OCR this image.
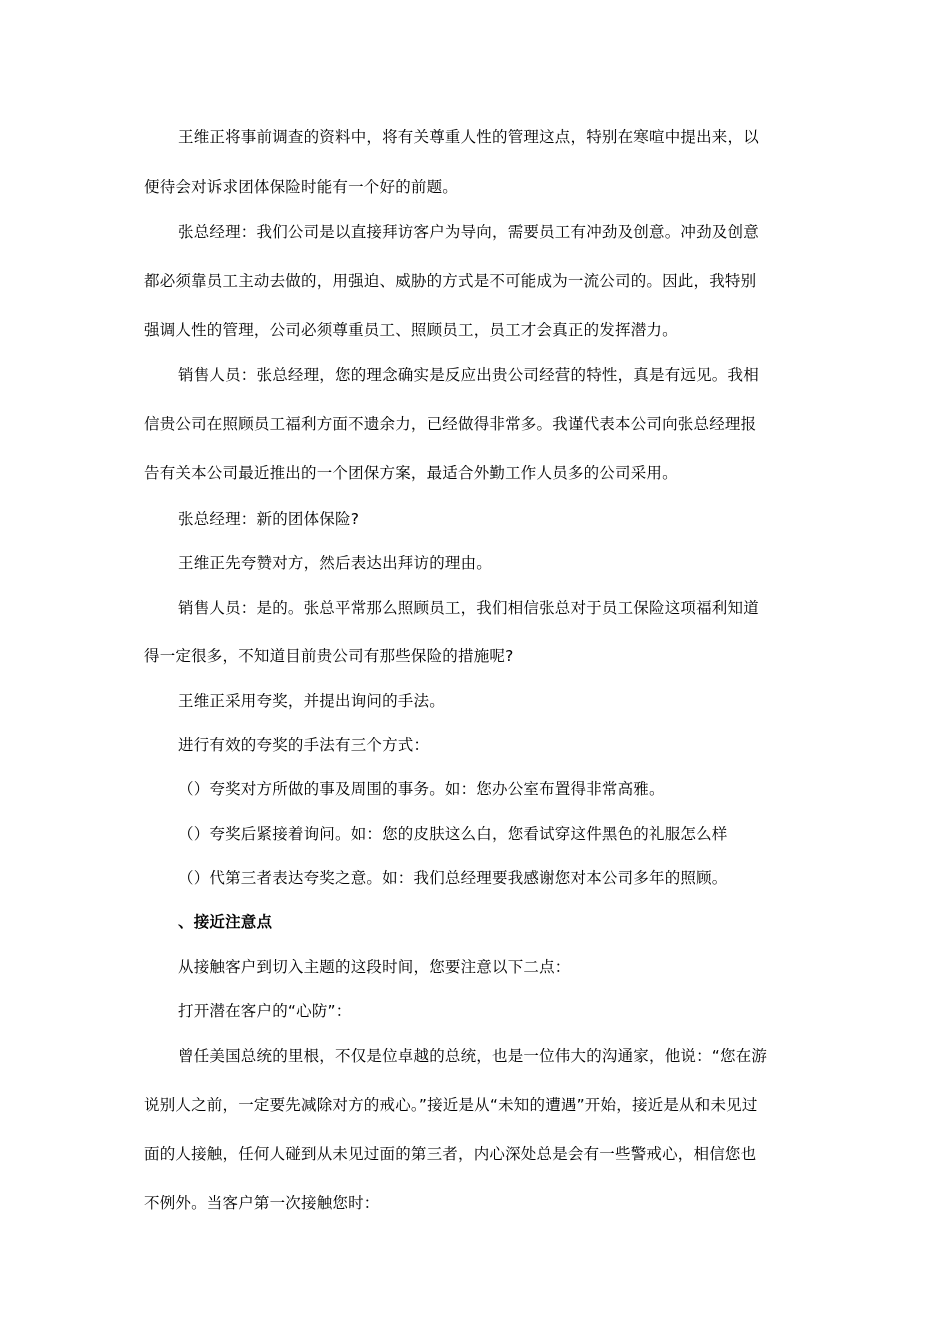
王维正将事前调查的资料中，将有关尊重人性的管理这点，特别在寒喧中提出来，以

便待会对诉求团体保险时能有一个好的前题。

张总经理：我们公司是以直接拜访客户为导向，需要员工有冲劲及创意。冲劲及创意

都必须靠员工主动去做的，用强迫、威胁的方式是不可能成为一流公司的。因此，我特别

强调人性的管理，公司必须尊重员工、照顾员工，员工才会真正的发挥潜力。

销售人员：张总经理，您的理念确实是反应出贵公司经营的特性，真是有远见。我相

信贵公司在照顾员工福利方面不遗余力，已经做得非常多。我谨代表本公司向张总经理报

告有关本公司最近推出的一个团保方案，最适合外勤工作人员多的公司采用。

张总经理：新的团体保险?

王维正先夸赞对方，然后表达出拜访的理由。

销售人员：是的。张总平常那么照顾员工，我们相信张总对于员工保险这项福利知道

得一定很多，不知道目前贵公司有那些保险的措施呢?

王维正采用夸奖，并提出询问的手法。

进行有效的夸奖的手法有三个方式：

（）夸奖对方所做的事及周围的事务。如：您办公室布置得非常高雅。

（）夸奖后紧接着询问。如：您的皮肤这么白，您看试穿这件黑色的礼服怎么样

（）代第三者表达夸奖之意。如：我们总经理要我感谢您对本公司多年的照顾。

、接近注意点

从接触客户到切入主题的这段时间，您要注意以下二点：

打开潜在客户的“心防”：

曾任美国总统的里根，不仅是位卓越的总统，也是一位伟大的沟通家，他说：“您在游

说别人之前，一定要先减除对方的戒心。”接近是从“未知的遭遇”开始，接近是从和未见过

面的人接触，任何人碰到从未见过面的第三者，内心深处总是会有一些警戒心，相信您也

不例外。当客户第一次接触您时：
